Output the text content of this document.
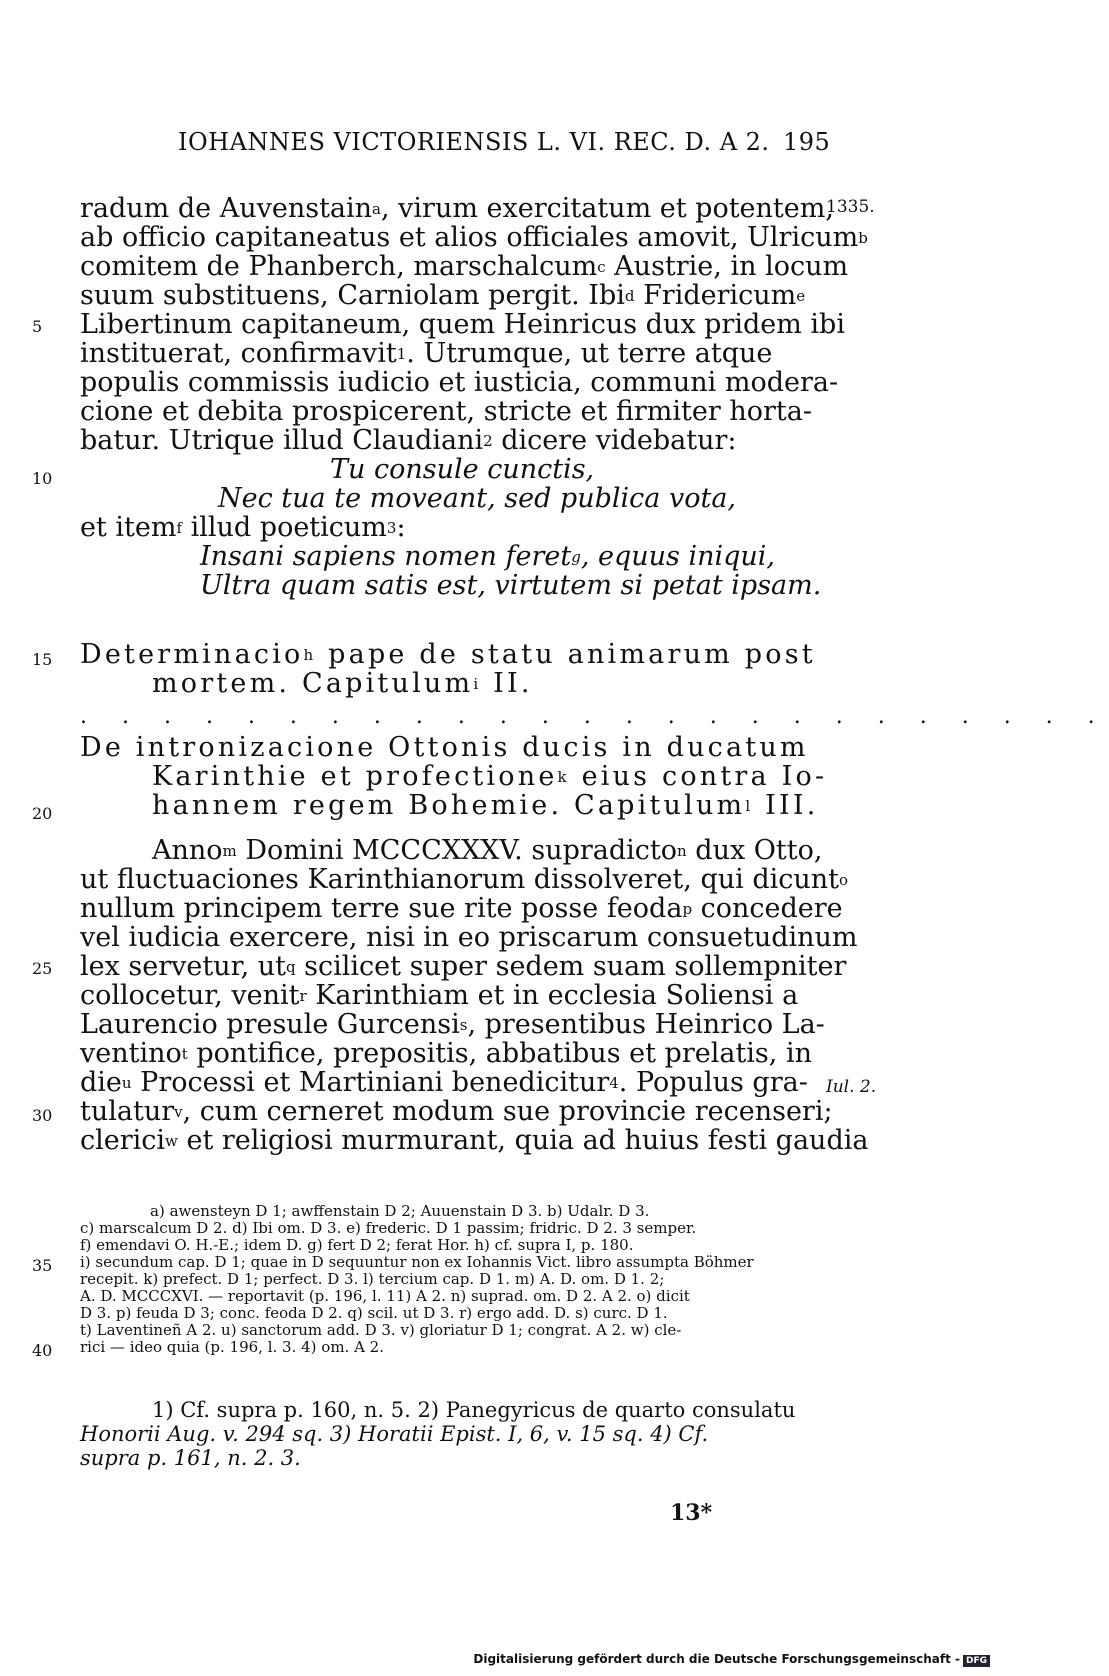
IOHANNES VICTORIENSIS L. VI. REC. D. A 2. 195
1335.
Iul. 2.
5
10
15
20
25
30
radum de Auvenstain$^a$, virum exercitatum et potentem,
ab officio capitaneatus et alios officiales amovit, Ulricum$^b$
comitem de Phanberch, marschalcum$^c$ Austrie, in locum
suum substituens, Carniolam pergit. Ibi$^d$ Fridericum$^e$
Libertinum capitaneum, quem Heinricus dux pridem ibi
instituerat, confirmavit$^1$. Utrumque, ut terre atque
populis commissis iudicio et iusticia, communi modera-
cione et debita prospicerent, stricte et firmiter horta-
batur. Utrique illud Claudiani$^2$ dicere videbatur:
Tu consule cunctis,
Nec tua te moveant, sed publica vota,
et item$^f$ illud poeticum$^3$:
Insani sapiens nomen feret$^g$, equus iniqui,
Ultra quam satis est, virtutem si petat ipsam.
Determinacio$^h$ pape de statu animarum post
mortem. Capitulum$^i$ II.
. . . . . . . . . . . . . . . . . . . . . . . . .
De intronizacione Ottonis ducis in ducatum
Karinthie et profectione$^k$ eius contra Io-
hannem regem Bohemie. Capitulum$^l$ III.
Anno$^m$ Domini MCCCXXXV. supradicto$^n$ dux Otto,
ut fluctuaciones Karinthianorum dissolveret, qui dicunt$^o$
nullum principem terre sue rite posse feoda$^p$ concedere
vel iudicia exercere, nisi in eo priscarum consuetudinum
lex servetur, $ut^q$ scilicet super sedem suam sollempniter
collocetur, venit$^r$ Karinthiam et in ecclesia Soliensi a
Laurencio presule Gurcensi$^s$, presentibus Heinrico La-
ventino$^t$ pontifice, prepositis, abbatibus et prelatis, in
die$^u$ Processi et Martiniani benedicitur$^4$. Populus gra-
tulatur$^v$, cum cerneret modum sue provincie recenseri;
clerici$^w$ et religiosi murmurant, quia ad huius festi gaudia
a) awensteyn D 1; awffenstain D 2; Auuenstain D 3. b) Udalr. D 3.
c) marscalcum D 2. d) Ibi om. D 3. e) frederic. D 1 passim; fridric. D 2. 3 semper.
f) emendavi O. H.-E.; idem D. g) fert D 2; ferat Hor. h) cf. supra I, p. 180.
i) secundum cap. D 1; quae in D sequuntur non ex Iohannis Vict. libro assumpta Böhmer
recepit. k) prefect. D 1; perfect. D 3. l) tercium cap. D 1. m) A. D. om. D 1. 2;
A. D. MCCCXVI. — reportavit (p. 196, l. 11) A 2. n) suprad. om. D 2. A 2. o) dicit
D 3. p) feuda D 3; conc. feoda D 2. q) scil. ut D 3. r) ergo add. D. s) curc. D 1.
t) Laventineñ A 2. u) sanctorum add. D 3. v) gloriatur D 1; congrat. A 2. w) cle-
rici — ideo quia (p. 196, l. 3. 4) om. A 2.
35
40
1) Cf. supra p. 160, n. 5. 2) Panegyricus de quarto consulatu
Honorii Aug. v. 294 sq. 3) Horatii Epist. I, 6, v. 15 sq. 4) Cf.
supra p. 161, n. 2. 3.
13*
Digitalisierung gefördert durch die Deutsche Forschungsgemeinschaft - DFG
